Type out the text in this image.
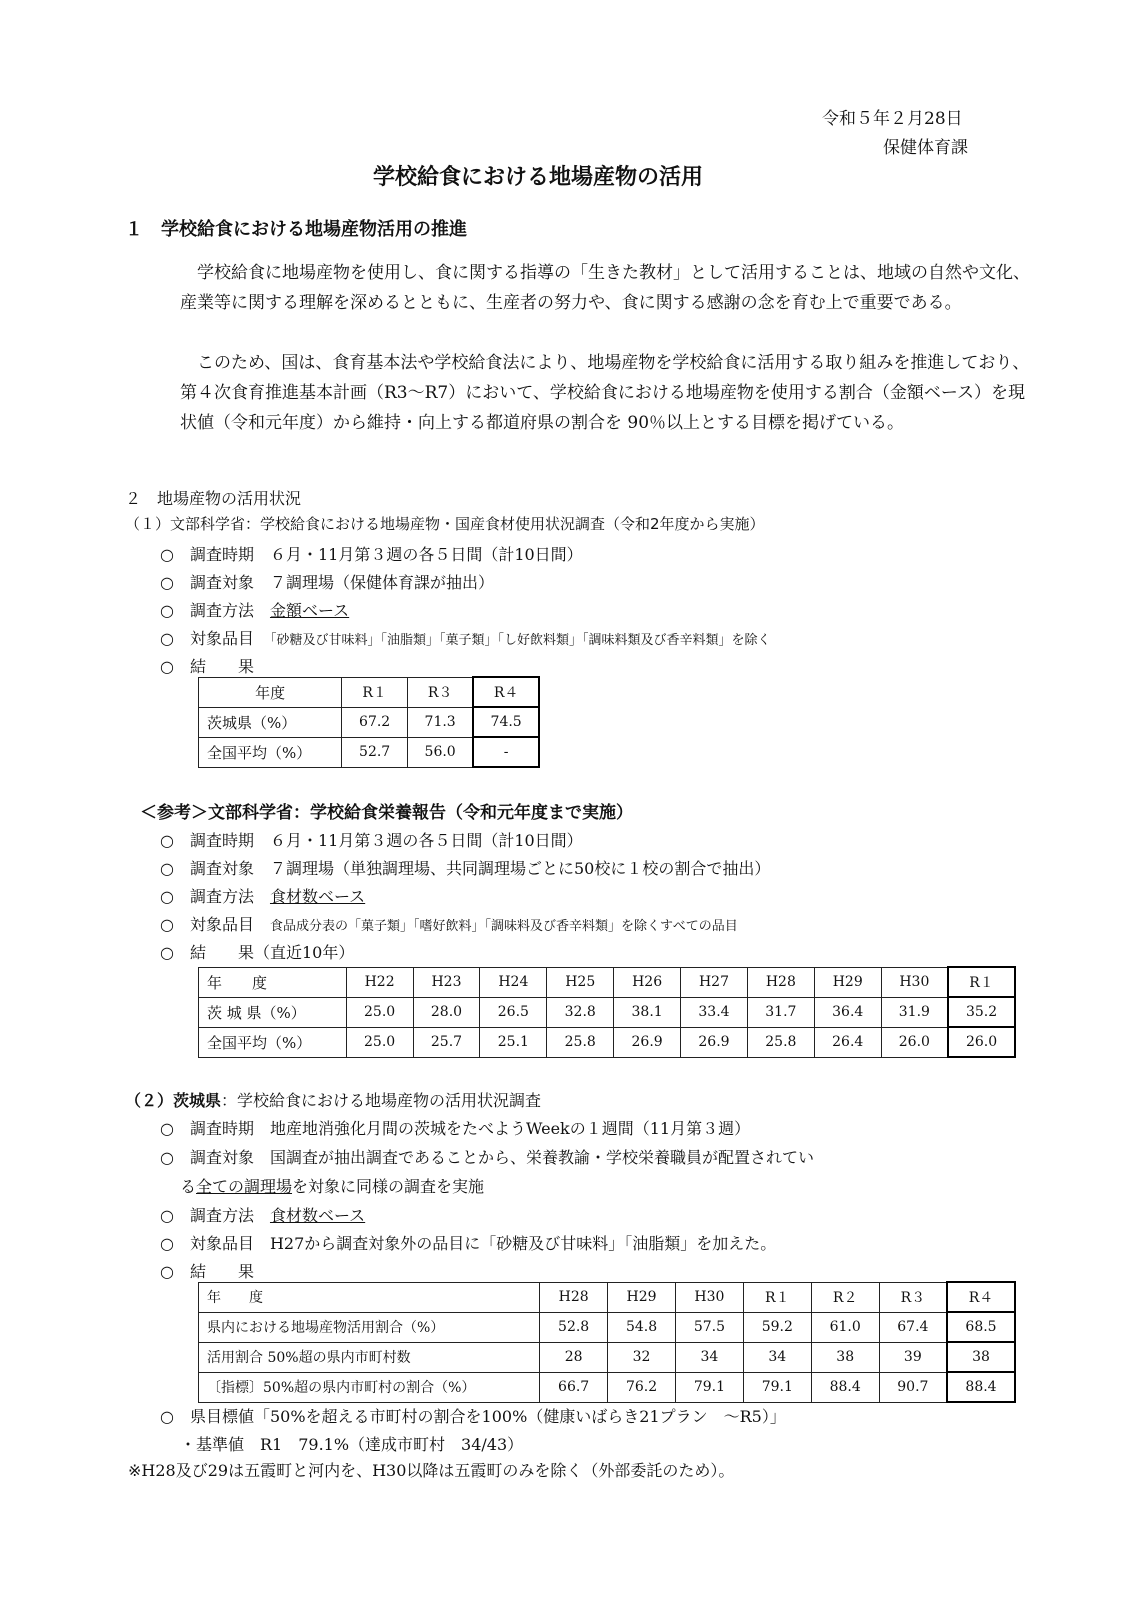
令和５年２月28日
保健体育課
学校給食における地場産物の活用
１　学校給食における地場産物活用の推進
　学校給食に地場産物を使用し、食に関する指導の「生きた教材」として活用することは、地域の自然や文化、産業等に関する理解を深めるとともに、生産者の努力や、食に関する感謝の念を育む上で重要である。
　このため、国は、食育基本法や学校給食法により、地場産物を学校給食に活用する取り組みを推進しており、第４次食育推進基本計画（R3～R7）において、学校給食における地場産物を使用する割合（金額ベース）を現状値（令和元年度）から維持・向上する都道府県の割合を 90％以上とする目標を掲げている。
２　地場産物の活用状況
（１）文部科学省：学校給食における地場産物・国産食材使用状況調査（令和2年度から実施）
○　調査時期　６月・11月第３週の各５日間（計10日間）
○　調査対象　７調理場（保健体育課が抽出）
○　調査方法　金額ベース
○　対象品目　「砂糖及び甘味料」「油脂類」「菓子類」「し好飲料類」「調味料類及び香辛料類」を除く
○　結　　果
年度	R１	R３	R４
茨城県（%）	67.2	71.3	74.5
全国平均（%）	52.7	56.0	-
＜参考＞文部科学省：学校給食栄養報告（令和元年度まで実施）
○　調査時期　６月・11月第３週の各５日間（計10日間）
○　調査対象　７調理場（単独調理場、共同調理場ごとに50校に１校の割合で抽出）
○　調査方法　食材数ベース
○　対象品目　食品成分表の「菓子類」「嗜好飲料」「調味料及び香辛料類」を除くすべての品目
○　結　　果（直近10年）
年　　度	H22	H23	H24	H25	H26	H27	H28	H29	H30	R１
茨 城 県（%）	25.0	28.0	26.5	32.8	38.1	33.4	31.7	36.4	31.9	35.2
全国平均（%）	25.0	25.7	25.1	25.8	26.9	26.9	25.8	26.4	26.0	26.0
（２）茨城県：学校給食における地場産物の活用状況調査
○　調査時期　地産地消強化月間の茨城をたべようWeekの１週間（11月第３週）
○　調査対象　国調査が抽出調査であることから、栄養教諭・学校栄養職員が配置されてい
る全ての調理場を対象に同様の調査を実施
○　調査方法　食材数ベース
○　対象品目　H27から調査対象外の品目に「砂糖及び甘味料」「油脂類」を加えた。
○　結　　果
年　　度	H28	H29	H30	R１	R２	R３	R４
県内における地場産物活用割合（%）	52.8	54.8	57.5	59.2	61.0	67.4	68.5
活用割合 50%超の県内市町村数	28	32	34	34	38	39	38
〔指標〕50%超の県内市町村の割合（%）	66.7	76.2	79.1	79.1	88.4	90.7	88.4
○　県目標値「50%を超える市町村の割合を100%（健康いばらき21プラン　～R5）」
・基準値　R1　79.1%（達成市町村　34/43）
※H28及び29は五霞町と河内を、H30以降は五霞町のみを除く（外部委託のため）。
